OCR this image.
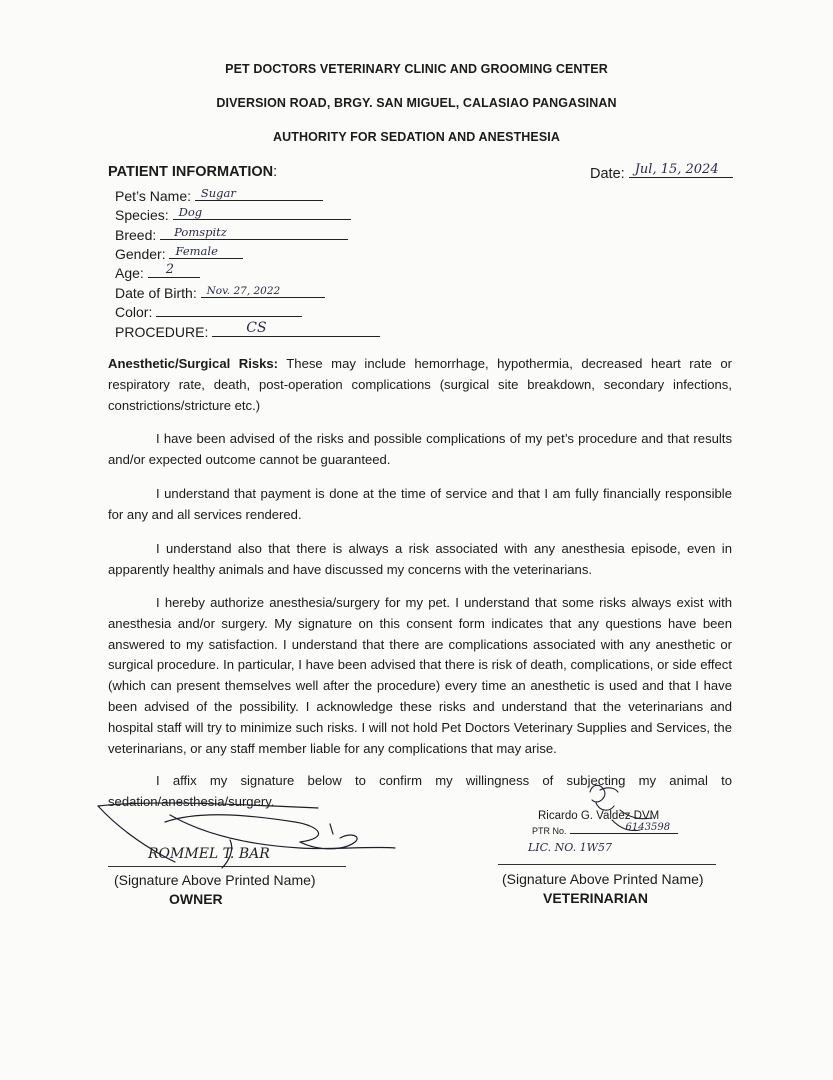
PET DOCTORS VETERINARY CLINIC AND GROOMING CENTER
DIVERSION ROAD, BRGY. SAN MIGUEL, CALASIAO PANGASINAN
AUTHORITY FOR SEDATION AND ANESTHESIA
PATIENT INFORMATION:	Date: Jul, 15, 2024
Pet’s Name: Sugar
Species: Dog
Breed: Pomspitz
Gender: Female
Age: 2
Date of Birth: Nov. 27, 2022
Color:
PROCEDURE:	CS
Anesthetic/Surgical Risks: These may include hemorrhage, hypothermia, decreased heart rate or respiratory rate, death, post-operation complications (surgical site breakdown, secondary infections, constrictions/stricture etc.)
I have been advised of the risks and possible complications of my pet’s procedure and that results and/or expected outcome cannot be guaranteed.
I understand that payment is done at the time of service and that I am fully financially responsible for any and all services rendered.
I understand also that there is always a risk associated with any anesthesia episode, even in apparently healthy animals and have discussed my concerns with the veterinarians.
I hereby authorize anesthesia/surgery for my pet. I understand that some risks always exist with anesthesia and/or surgery. My signature on this consent form indicates that any questions have been answered to my satisfaction. I understand that there are complications associated with any anesthetic or surgical procedure. In particular, I have been advised that there is risk of death, complications, or side effect (which can present themselves well after the procedure) every time an anesthetic is used and that I have been advised of the possibility. I acknowledge these risks and understand that the veterinarians and hospital staff will try to minimize such risks. I will not hold Pet Doctors Veterinary Supplies and Services, the veterinarians, or any staff member liable for any complications that may arise.
I affix my signature below to confirm my willingness of subjecting my animal to sedation/anesthesia/surgery.
ROMMEL T. BAR
(Signature Above Printed Name)
OWNER
Ricardo G. Valdez DVM
PTR No.	6143598
LIC. NO. 1W57
(Signature Above Printed Name)
VETERINARIAN
